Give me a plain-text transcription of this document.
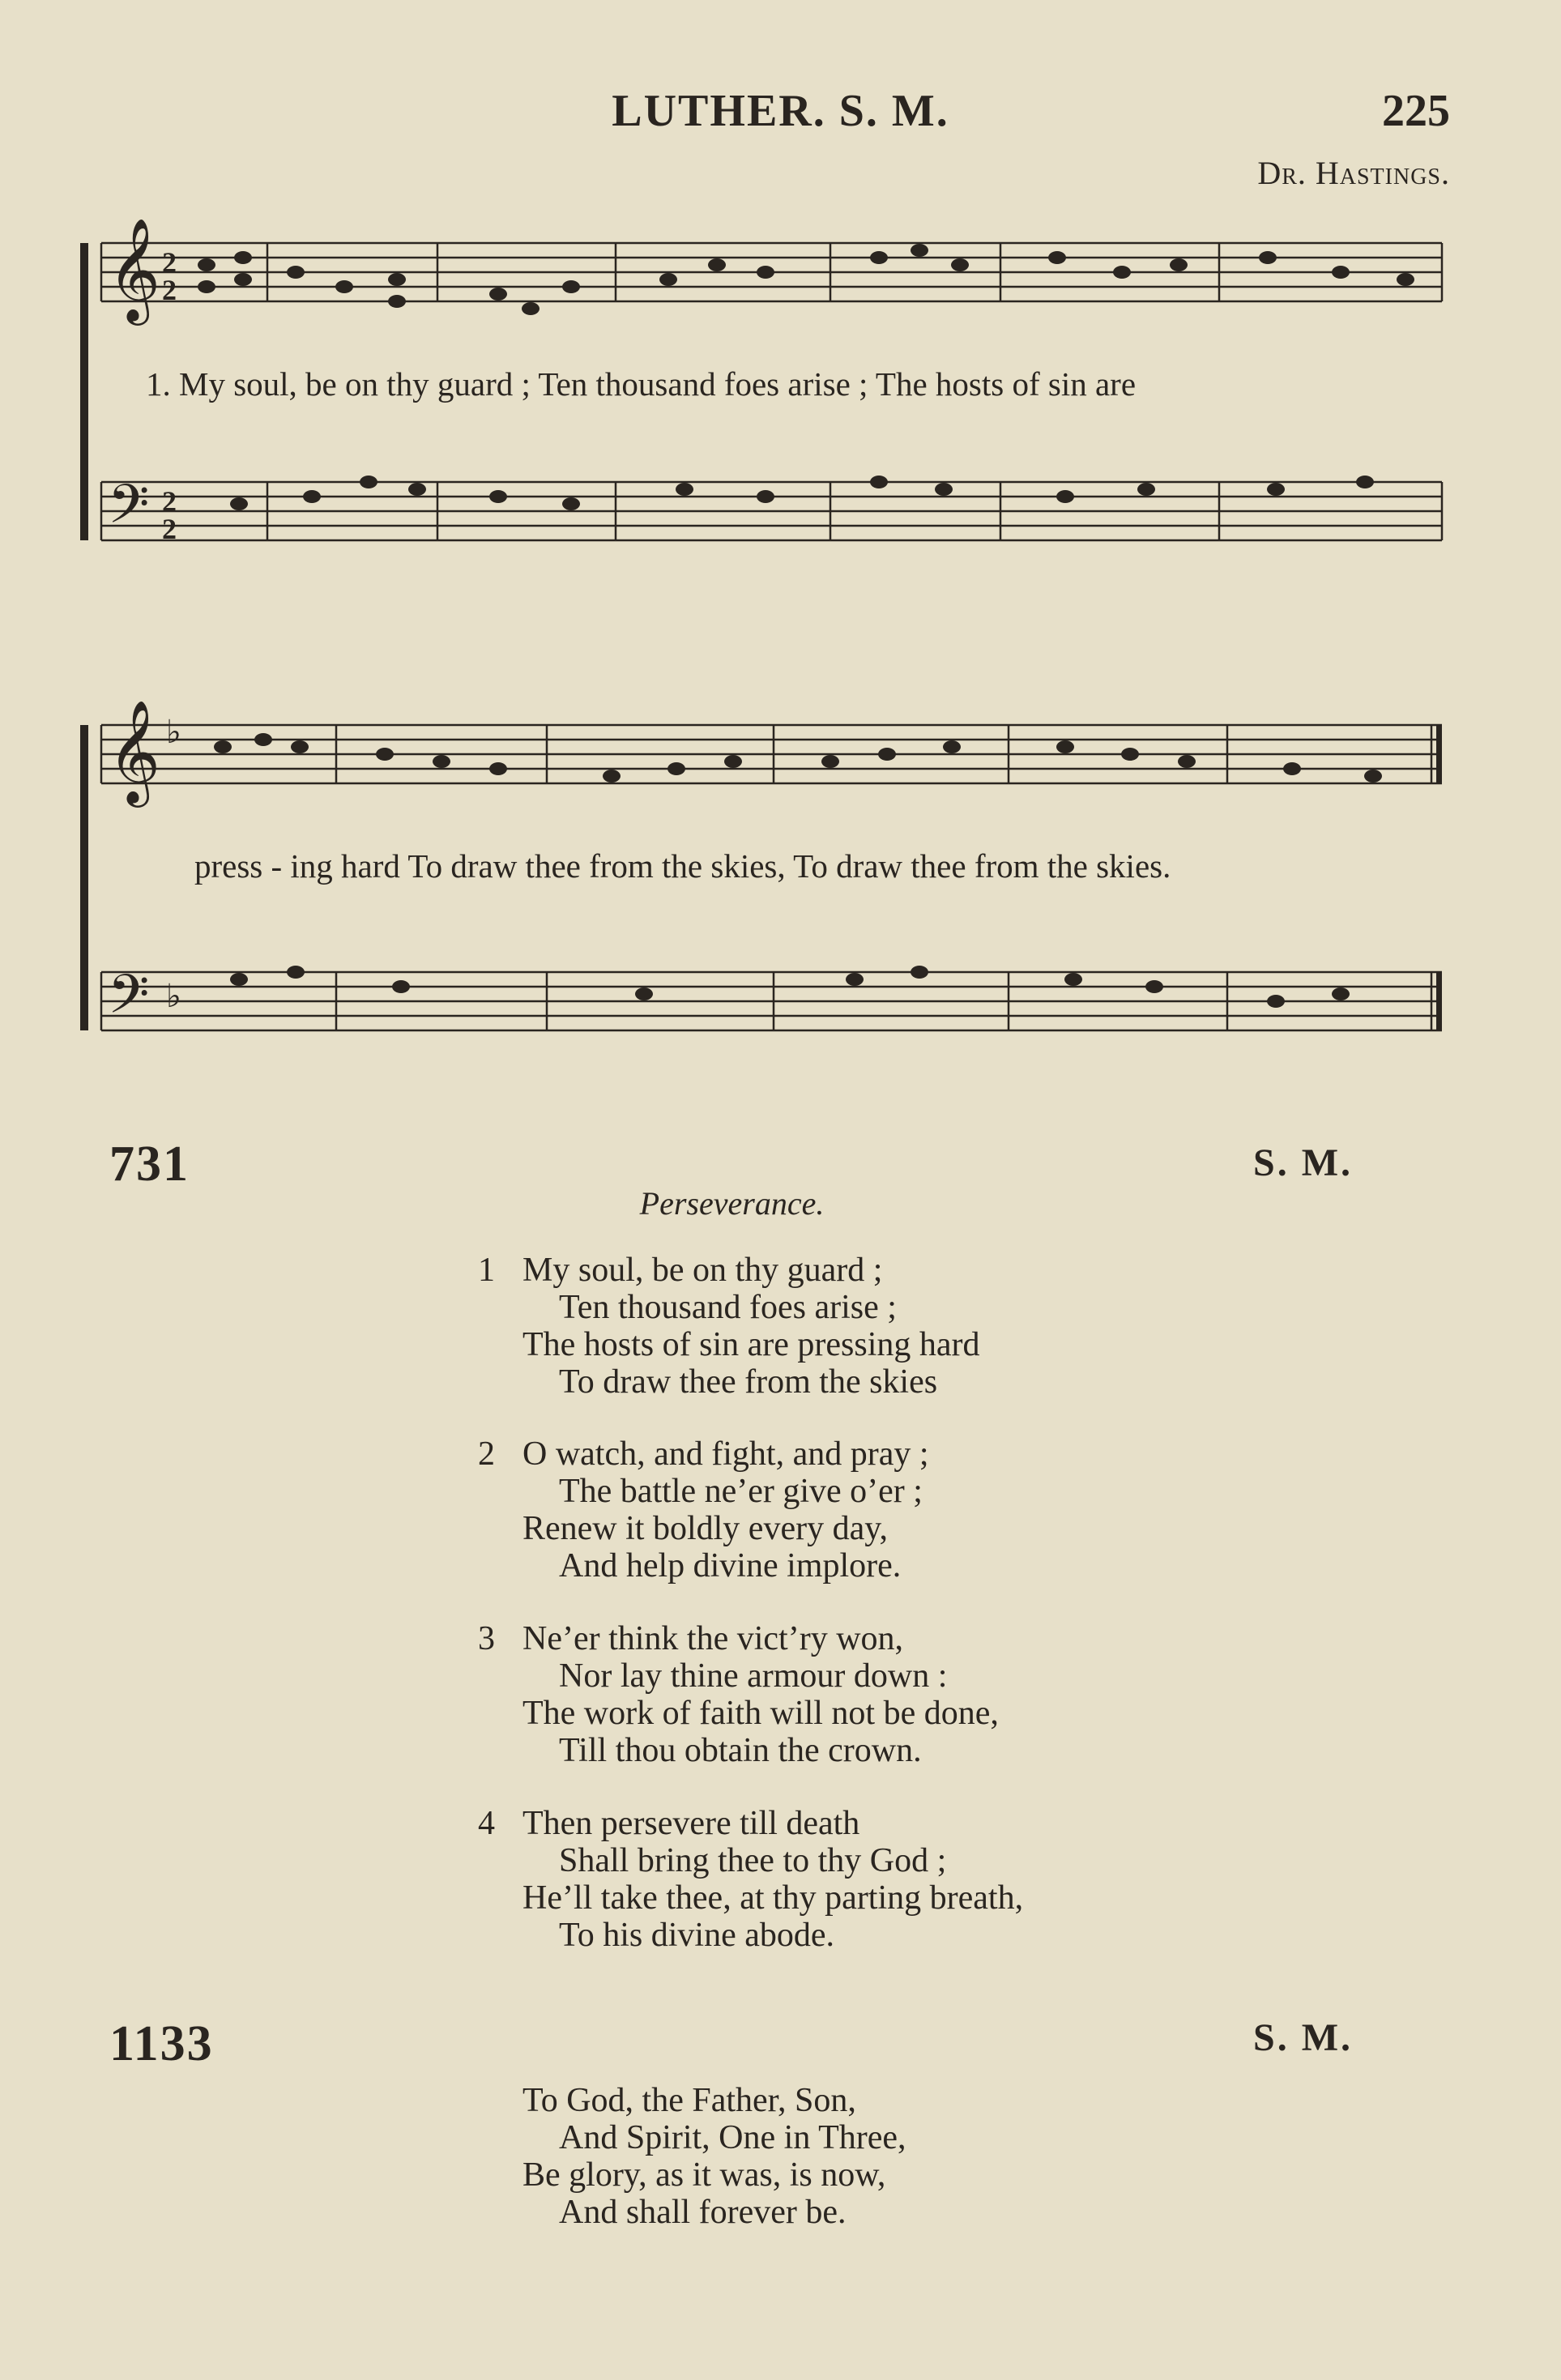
LUTHER. S. M.	225
Dr. Hastings.
𝄞
𝄢
2
2
2
2
1. My soul, be on thy guard ; Ten thousand foes arise ; The hosts of sin are
𝄞
𝄢
♭
♭
press - ing hard To draw thee from the skies, To draw thee from the skies.
731	S. M.
Perseverance.
1 My soul, be on thy guard ;
Ten thousand foes arise ;
The hosts of sin are pressing hard
To draw thee from the skies
2 O watch, and fight, and pray ;
The battle ne’er give o’er ;
Renew it boldly every day,
And help divine implore.
3 Ne’er think the vict’ry won,
Nor lay thine armour down :
The work of faith will not be done,
Till thou obtain the crown.
4 Then persevere till death
Shall bring thee to thy God ;
He’ll take thee, at thy parting breath,
To his divine abode.
1133	S. M.
To God, the Father, Son,
And Spirit, One in Three,
Be glory, as it was, is now,
And shall forever be.
